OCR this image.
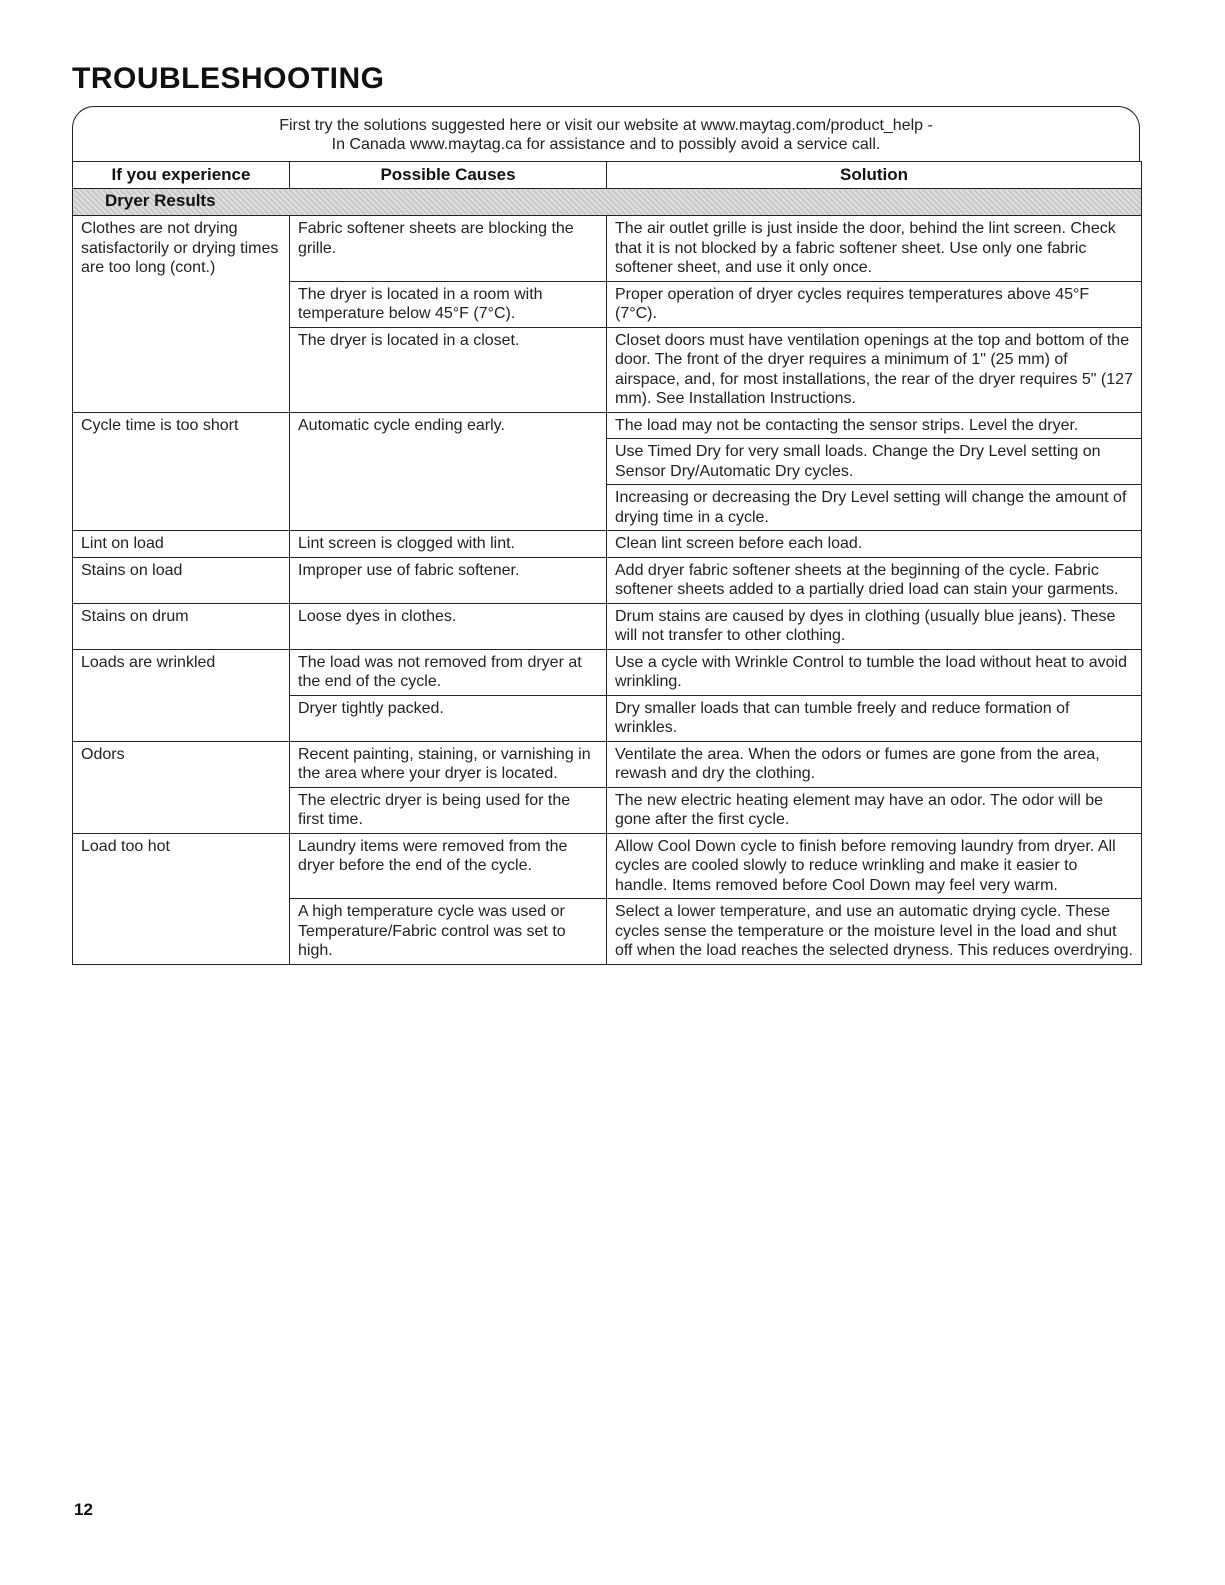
TROUBLESHOOTING
First try the solutions suggested here or visit our website at www.maytag.com/product_help -
In Canada www.maytag.ca for assistance and to possibly avoid a service call.
If you experience	Possible Causes	Solution
Dryer Results		
Clothes are not drying satisfactorily or drying times are too long (cont.)	Fabric softener sheets are blocking the grille.	The air outlet grille is just inside the door, behind the lint screen. Check that it is not blocked by a fabric softener sheet. Use only one fabric softener sheet, and use it only once.
	The dryer is located in a room with temperature below 45°F (7°C).	Proper operation of dryer cycles requires temperatures above 45°F (7°C).
	The dryer is located in a closet.	Closet doors must have ventilation openings at the top and bottom of the door. The front of the dryer requires a minimum of 1" (25 mm) of airspace, and, for most installations, the rear of the dryer requires 5" (127 mm). See Installation Instructions.
Cycle time is too short	Automatic cycle ending early.	The load may not be contacting the sensor strips. Level the dryer.
		Use Timed Dry for very small loads. Change the Dry Level setting on Sensor Dry/Automatic Dry cycles.
		Increasing or decreasing the Dry Level setting will change the amount of drying time in a cycle.
Lint on load	Lint screen is clogged with lint.	Clean lint screen before each load.
Stains on load	Improper use of fabric softener.	Add dryer fabric softener sheets at the beginning of the cycle. Fabric softener sheets added to a partially dried load can stain your garments.
Stains on drum	Loose dyes in clothes.	Drum stains are caused by dyes in clothing (usually blue jeans). These will not transfer to other clothing.
Loads are wrinkled	The load was not removed from dryer at the end of the cycle.	Use a cycle with Wrinkle Control to tumble the load without heat to avoid wrinkling.
	Dryer tightly packed.	Dry smaller loads that can tumble freely and reduce formation of wrinkles.
Odors	Recent painting, staining, or varnishing in the area where your dryer is located.	Ventilate the area. When the odors or fumes are gone from the area, rewash and dry the clothing.
	The electric dryer is being used for the first time.	The new electric heating element may have an odor. The odor will be gone after the first cycle.
Load too hot	Laundry items were removed from the dryer before the end of the cycle.	Allow Cool Down cycle to finish before removing laundry from dryer. All cycles are cooled slowly to reduce wrinkling and make it easier to handle. Items removed before Cool Down may feel very warm.
	A high temperature cycle was used or Temperature/Fabric control was set to high.	Select a lower temperature, and use an automatic drying cycle. These cycles sense the temperature or the moisture level in the load and shut off when the load reaches the selected dryness. This reduces overdrying.
12
